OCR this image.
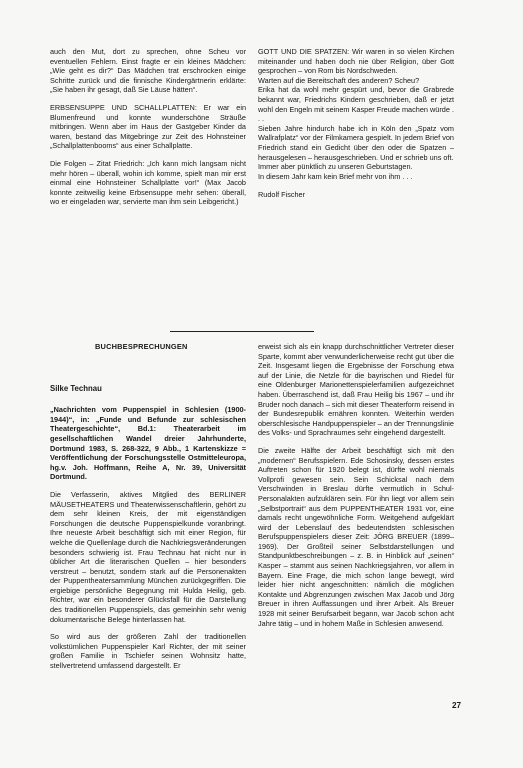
auch den Mut, dort zu sprechen, ohne Scheu vor eventuellen Fehlern. Einst fragte er ein kleines Mädchen: „Wie geht es dir?“ Das Mädchen trat erschrocken einige Schritte zurück und die finnische Kindergärtnerin erklärte: „Sie haben ihr gesagt, daß Sie Läuse hätten“.

ERBSENSUPPE UND SCHALLPLATTEN: Er war ein Blumenfreund und konnte wunderschöne Sträuße mitbringen. Wenn aber im Haus der Gastgeber Kinder da waren, bestand das Mitgebringe zur Zeit des Hohnsteiner „Schallplattenbooms“ aus einer Schallplatte.

Die Folgen – Zitat Friedrich: „Ich kann mich langsam nicht mehr hören – überall, wohin ich komme, spielt man mir erst einmal eine Hohnsteiner Schallplatte vor!“ (Max Jacob konnte zeitweilig keine Erbsensuppe mehr sehen: überall, wo er eingeladen war, servierte man ihm sein Leibgericht.)

GOTT UND DIE SPATZEN: Wir waren in so vielen Kirchen miteinander und haben doch nie über Religion, über Gott gesprochen – von Rom bis Nordschweden.

Warten auf die Bereitschaft des anderen? Scheu?

Erika hat da wohl mehr gespürt und, bevor die Grabrede bekannt war, Friedrichs Kindern geschrieben, daß er jetzt wohl den Engeln mit seinem Kasper Freude machen würde . . .

Sieben Jahre hindurch habe ich in Köln den „Spatz vom Wallrafplatz“ vor der Filmkamera gespielt. In jedem Brief von Friedrich stand ein Gedicht über den oder die Spatzen – herausgelesen – herausgeschrieben. Und er schrieb uns oft.

Immer aber pünktlich zu unseren Geburtstagen.

In diesem Jahr kam kein Brief mehr von ihm . . .

Rudolf Fischer

BUCHBESPRECHUNGEN

Silke Technau

„Nachrichten vom Puppenspiel in Schlesien (1900-1944)“, in: „Funde und Befunde zur schlesischen Theatergeschichte“, Bd.1: Theaterarbeit im gesellschaftlichen Wandel dreier Jahrhunderte, Dortmund 1983, S. 268-322, 9 Abb., 1 Kartenskizze = Veröffentlichung der Forschungsstelle Ostmitteleuropa, hg.v. Joh. Hoffmann, Reihe A, Nr. 39, Universität Dortmund.

Die Verfasserin, aktives Mitglied des BERLINER MÄUSETHEATERS und Theaterwissenschaftlerin, gehört zu dem sehr kleinen Kreis, der mit eigenständigen Forschungen die deutsche Puppenspielkunde voranbringt. Ihre neueste Arbeit beschäftigt sich mit einer Region, für welche die Quellenlage durch die Nachkriegsveränderungen besonders schwierig ist. Frau Technau hat nicht nur in üblicher Art die literarischen Quellen – hier besonders verstreut – benutzt, sondern stark auf die Personenakten der Puppentheatersammlung München zurückgegriffen. Die ergiebige persönliche Begegnung mit Hulda Heilig, geb. Richter, war ein besonderer Glücksfall für die Darstellung des traditionellen Puppenspiels, das gemeinhin sehr wenig dokumentarische Belege hinterlassen hat.

So wird aus der größeren Zahl der traditionellen volkstümlichen Puppenspieler Karl Richter, der mit seiner großen Familie in Tschiefer seinen Wohnsitz hatte, stellvertretend umfassend dargestellt. Er

erweist sich als ein knapp durchschnittlicher Vertreter dieser Sparte, kommt aber verwunderlicherweise recht gut über die Zeit. Insgesamt liegen die Ergebnisse der Forschung etwa auf der Linie, die Netzle für die bayrischen und Riedel für eine Oldenburger Marionettenspielerfamilien aufgezeichnet haben. Überraschend ist, daß Frau Heilig bis 1967 – und ihr Bruder noch danach – sich mit dieser Theaterform reisend in der Bundesrepublik ernähren konnten. Weiterhin werden oberschlesische Handpuppenspieler – an der Trennungslinie des Volks- und Sprachraumes sehr eingehend dargestellt.

Die zweite Hälfte der Arbeit beschäftigt sich mit den „modernen“ Berufsspielern. Ede Schosinsky, dessen erstes Auftreten schon für 1920 belegt ist, dürfte wohl niemals Vollprofi gewesen sein. Sein Schicksal nach dem Verschwinden in Breslau dürfte vermutlich in Schul-Personalakten aufzuklären sein. Für ihn liegt vor allem sein „Selbstportrait“ aus dem PUPPENTHEATER 1931 vor, eine damals recht ungewöhnliche Form. Weitgehend aufgeklärt wird der Lebenslauf des bedeutendsten schlesischen Berufspuppenspielers dieser Zeit: JÖRG BREUER (1899–1969). Der Großteil seiner Selbstdarstellungen und Standpunktbeschreibungen – z. B. in Hinblick auf „seinen“ Kasper – stammt aus seinen Nachkriegsjahren, vor allem in Bayern. Eine Frage, die mich schon lange bewegt, wird leider hier nicht angeschnitten: nämlich die möglichen Kontakte und Abgrenzungen zwischen Max Jacob und Jörg Breuer in ihren Auffassungen und ihrer Arbeit. Als Breuer 1928 mit seiner Berufsarbeit begann, war Jacob schon acht Jahre tätig – und in hohem Maße in Schlesien anwesend.

27
